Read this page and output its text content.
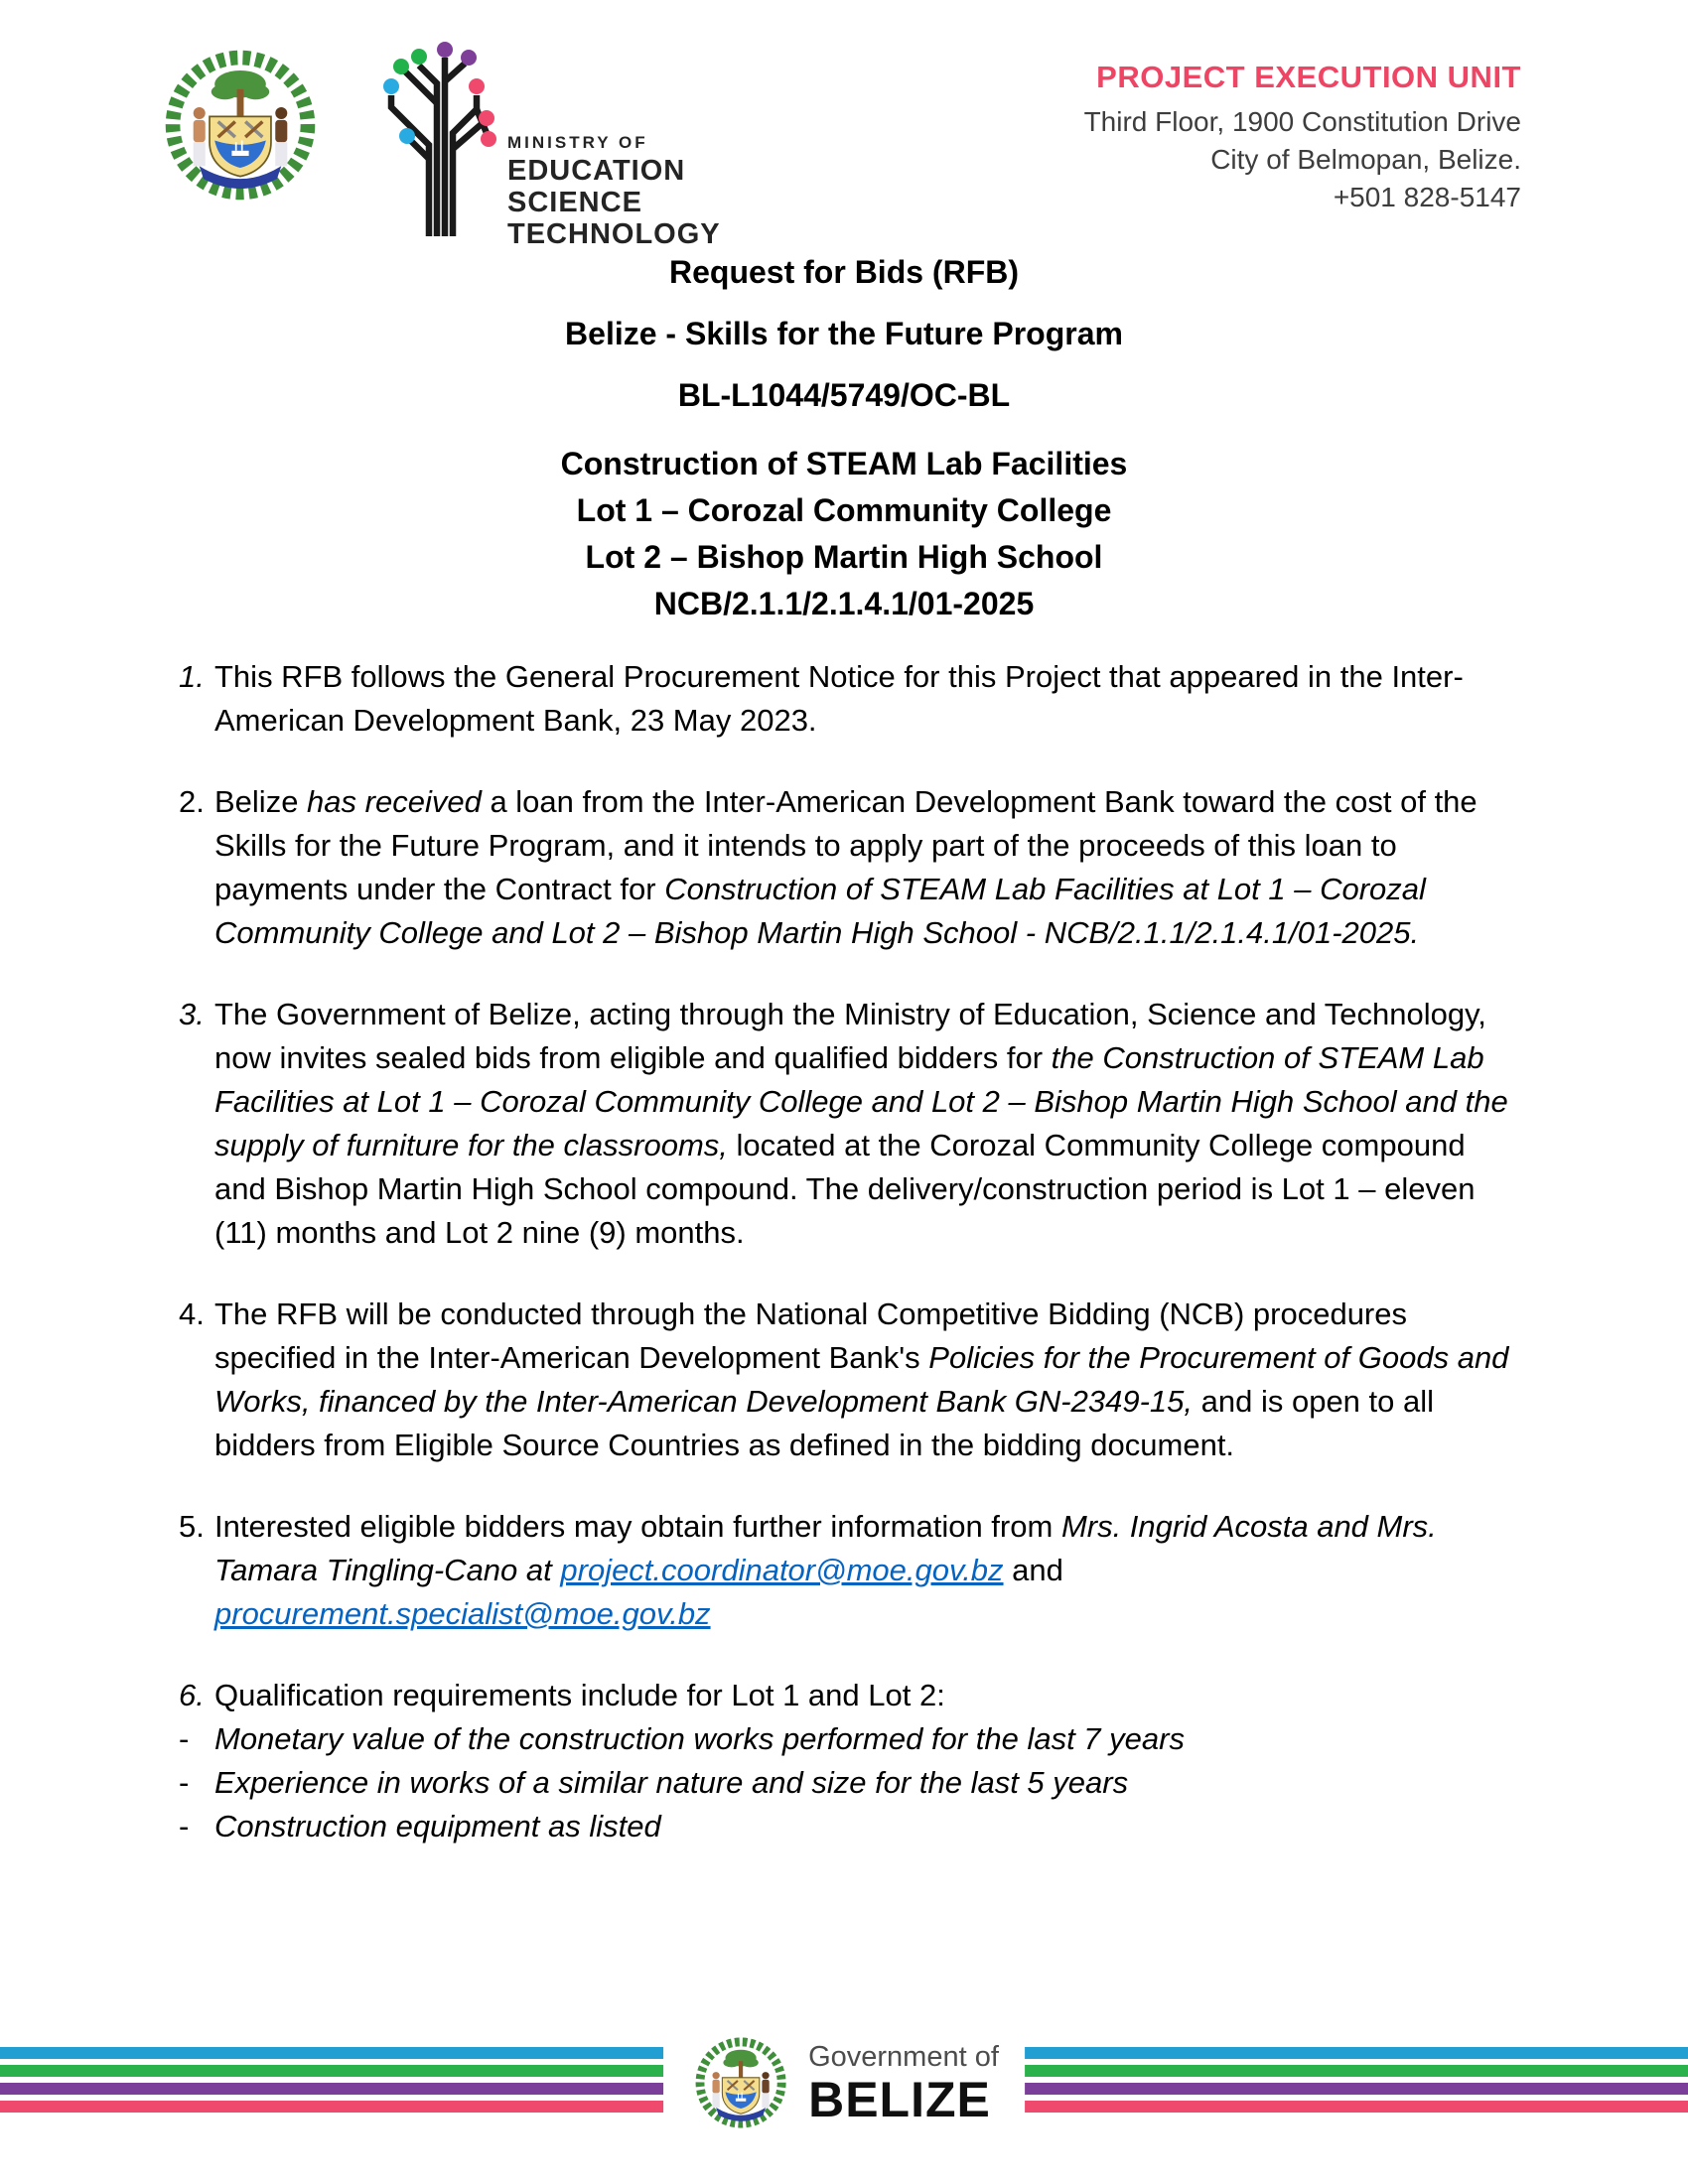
MINISTRY OF
EDUCATION
SCIENCE
TECHNOLOGY
PROJECT EXECUTION UNIT
Third Floor, 1900 Constitution Drive
City of Belmopan, Belize.
+501 828-5147
Request for Bids (RFB)
Belize - Skills for the Future Program
BL-L1044/5749/OC-BL
Construction of STEAM Lab Facilities
Lot 1 – Corozal Community College
Lot 2 – Bishop Martin High School
NCB/2.1.1/2.1.4.1/01-2025
1. This RFB follows the General Procurement Notice for this Project that appeared in the Inter-American Development Bank, 23 May 2023.
2. Belize has received a loan from the Inter-American Development Bank toward the cost of the Skills for the Future Program, and it intends to apply part of the proceeds of this loan to payments under the Contract for Construction of STEAM Lab Facilities at Lot 1 – Corozal Community College and Lot 2 – Bishop Martin High School - NCB/2.1.1/2.1.4.1/01-2025.
3. The Government of Belize, acting through the Ministry of Education, Science and Technology, now invites sealed bids from eligible and qualified bidders for the Construction of STEAM Lab Facilities at Lot 1 – Corozal Community College and Lot 2 – Bishop Martin High School and the supply of furniture for the classrooms, located at the Corozal Community College compound and Bishop Martin High School compound. The delivery/construction period is Lot 1 – eleven (11) months and Lot 2 nine (9) months.
4. The RFB will be conducted through the National Competitive Bidding (NCB) procedures specified in the Inter-American Development Bank's Policies for the Procurement of Goods and Works, financed by the Inter-American Development Bank GN-2349-15, and is open to all bidders from Eligible Source Countries as defined in the bidding document.
5. Interested eligible bidders may obtain further information from Mrs. Ingrid Acosta and Mrs. Tamara Tingling-Cano at project.coordinator@moe.gov.bz and procurement.specialist@moe.gov.bz
6. Qualification requirements include for Lot 1 and Lot 2:
- Monetary value of the construction works performed for the last 7 years
- Experience in works of a similar nature and size for the last 5 years
- Construction equipment as listed
Government of
BELIZE
